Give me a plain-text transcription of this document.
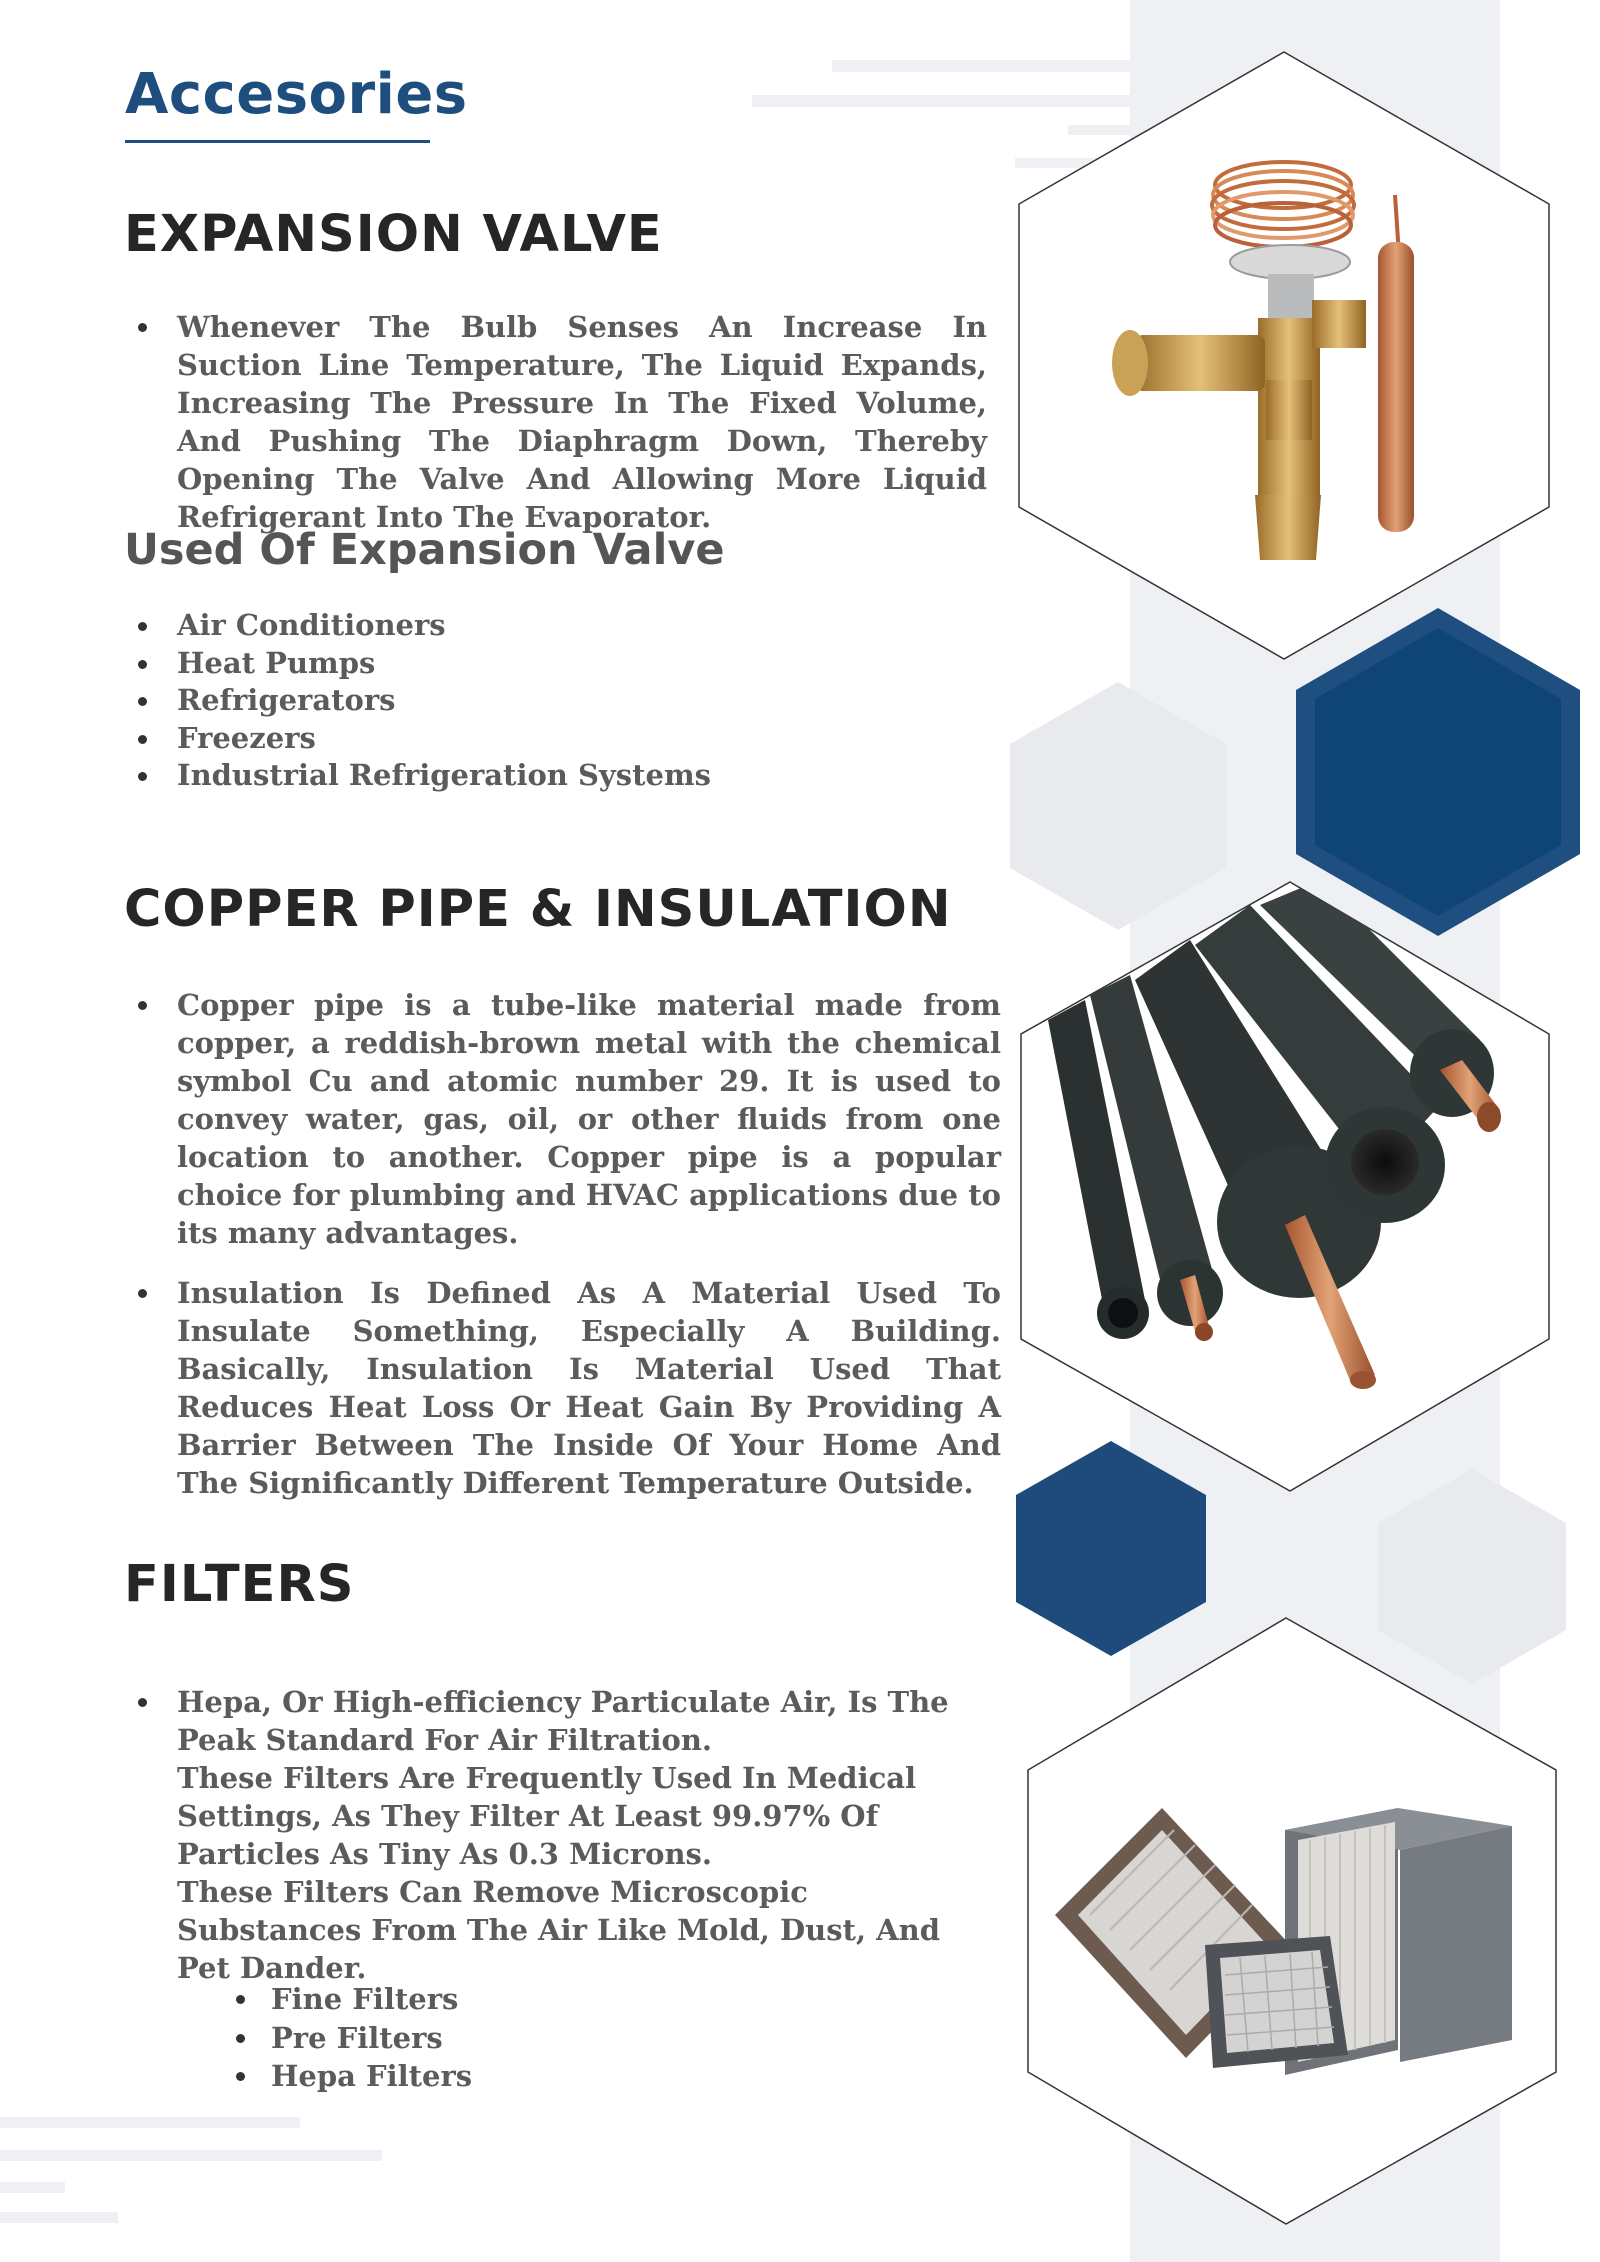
Accesories
EXPANSION VALVE
Whenever The Bulb Senses An Increase In Suction Line Temperature, The Liquid Expands, Increasing The Pressure In The Fixed Volume, And Pushing The Diaphragm Down, Thereby Opening The Valve And Allowing More Liquid Refrigerant Into The Evaporator.
Used Of Expansion Valve
Air Conditioners
Heat Pumps
Refrigerators
Freezers
Industrial Refrigeration Systems
COPPER PIPE & INSULATION
Copper pipe is a tube-like material made from copper, a reddish-brown metal with the chemical symbol Cu and atomic number 29. It is used to convey water, gas, oil, or other fluids from one location to another. Copper pipe is a popular choice for plumbing and HVAC applications due to its many advantages.
Insulation Is Defined As A Material Used To Insulate Something, Especially A Building. Basically, Insulation Is Material Used That Reduces Heat Loss Or Heat Gain By Providing A Barrier Between The Inside Of Your Home And The Significantly Different Temperature Outside.
FILTERS

Hepa, Or High-efficiency Particulate Air, Is The Peak Standard For Air Filtration.

These Filters Are Frequently Used In Medical Settings, As They Filter At Least 99.97% Of Particles As Tiny As 0.3 Microns.

These Filters Can Remove Microscopic Substances From The Air Like Mold, Dust, And Pet Dander.

Fine Filters
Pre Filters
Hepa Filters
